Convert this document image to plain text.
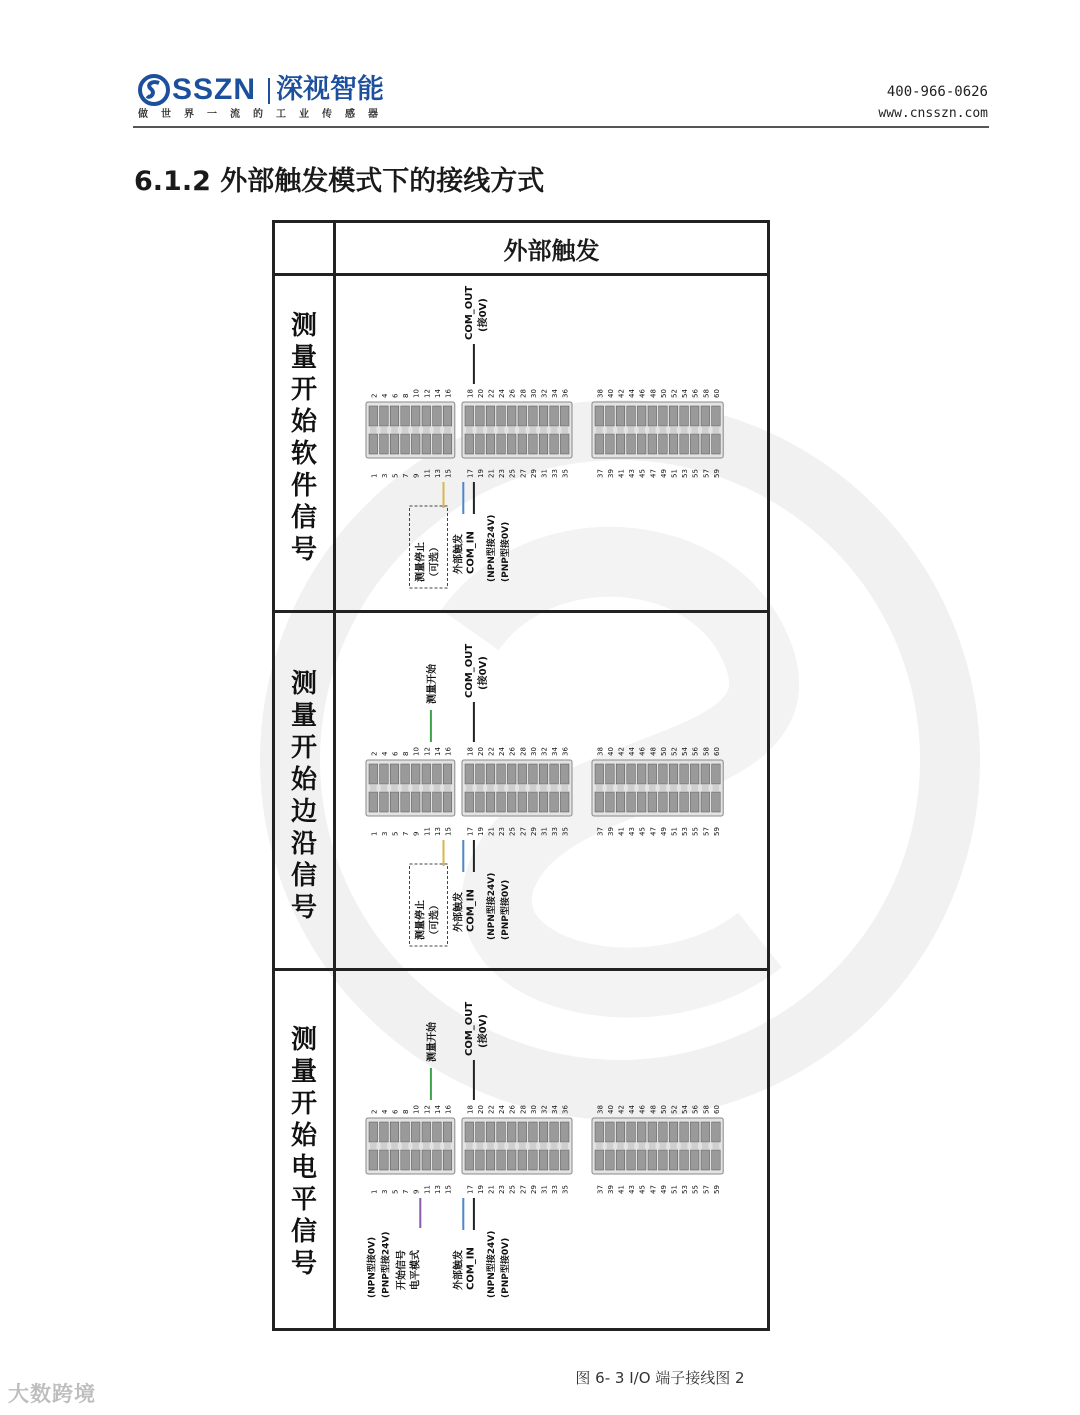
SSZN 深视智能
做世界一流的工业传感器
400-966-0626
www.cnsszn.com
6.1.2 外部触发模式下的接线方式
外部触发
测
量
开
始
软
件
信
号
测
量
开
始
边
沿
信
号
测
量
开
始
电
平
信
号
2
1
4
3
6
5
8
7
10
9
12
11
14
13
16
15
18
17
20
19
22
21
24
23
26
25
28
27
30
29
32
31
34
33
36
35
38
37
40
39
42
41
44
43
46
45
48
47
50
49
52
51
54
53
56
55
58
57
60
59
COM_OUT (接0V)
测量停止 （可选） 外部触发 COM_IN (NPN型接24V) (PNP型接0V)
2
1
4
3
6
5
8
7
10
9
12
11
14
13
16
15
18
17
20
19
22
21
24
23
26
25
28
27
30
29
32
31
34
33
36
35
38
37
40
39
42
41
44
43
46
45
48
47
50
49
52
51
54
53
56
55
58
57
60
59
COM_OUT (接0V)
测量开始
测量停止 （可选） 外部触发 COM_IN (NPN型接24V) (PNP型接0V)
2
1
4
3
6
5
8
7
10
9
12
11
14
13
16
15
18
17
20
19
22
21
24
23
26
25
28
27
30
29
32
31
34
33
36
35
38
37
40
39
42
41
44
43
46
45
48
47
50
49
52
51
54
53
56
55
58
57
60
59
COM_OUT (接0V)
测量开始
(NPN型接0V) (PNP型接24V) 开始信号 电平模式	外部触发 COM_IN (NPN型接24V) (PNP型接0V)
图 6- 3 I/O 端子接线图 2
大数跨境
